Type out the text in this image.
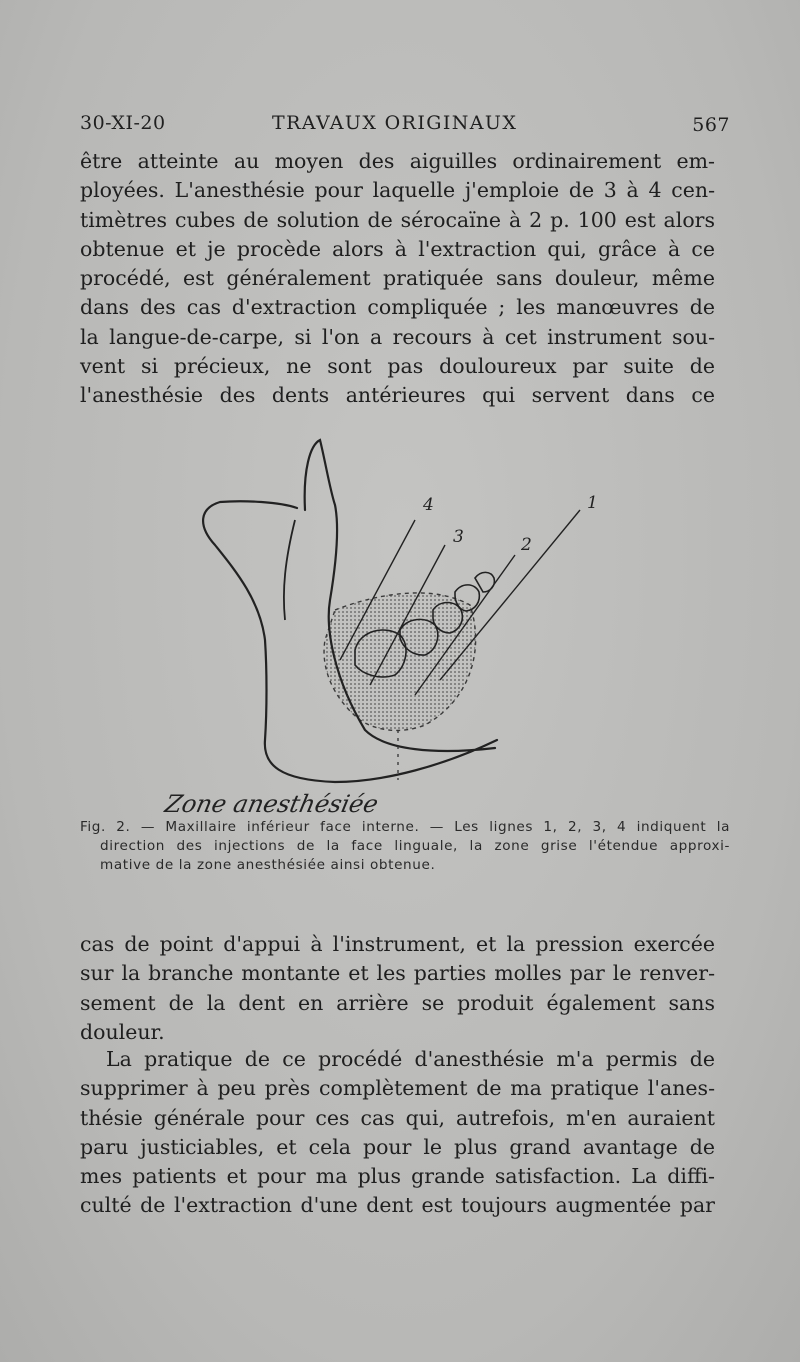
30-XI-20	TRAVAUX ORIGINAUX	567
être atteinte au moyen des aiguilles ordinairement em-
ployées. L'anesthésie pour laquelle j'emploie de 3 à 4 cen-
timètres cubes de solution de sérocaïne à 2 p. 100 est alors
obtenue et je procède alors à l'extraction qui, grâce à ce
procédé, est généralement pratiquée sans douleur, même
dans des cas d'extraction compliquée ; les manœuvres de
la langue-de-carpe, si l'on a recours à cet instrument sou-
vent si précieux, ne sont pas douloureux par suite de
l'anesthésie des dents antérieures qui servent dans ce
4
3	2
1
Zone anesthésiée
Fig. 2. — Maxillaire inférieur face interne. — Les lignes 1, 2, 3, 4 indiquent la
direction des injections de la face linguale, la zone grise l'étendue approxi-
mative de la zone anesthésiée ainsi obtenue.
cas de point d'appui à l'instrument, et la pression exercée
sur la branche montante et les parties molles par le renver-
sement de la dent en arrière se produit également sans
douleur.
La pratique de ce procédé d'anesthésie m'a permis de
supprimer à peu près complètement de ma pratique l'anes-
thésie générale pour ces cas qui, autrefois, m'en auraient
paru justiciables, et cela pour le plus grand avantage de
mes patients et pour ma plus grande satisfaction. La diffi-
culté de l'extraction d'une dent est toujours augmentée par
